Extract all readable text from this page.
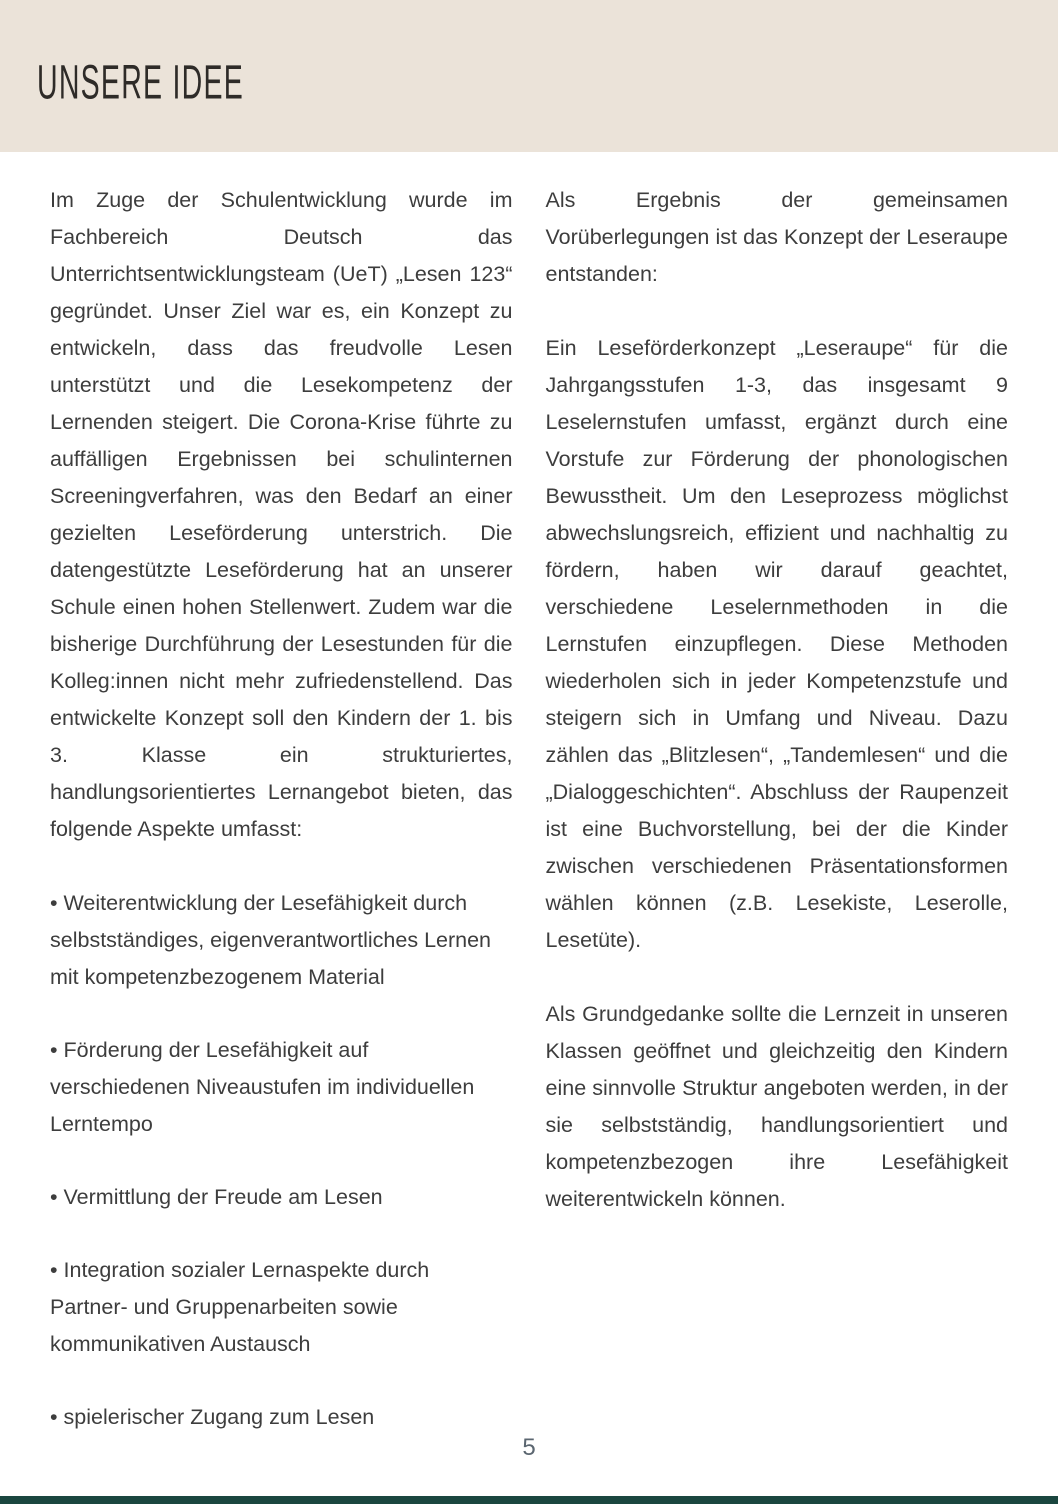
UNSERE IDEE

Im Zuge der Schulentwicklung wurde im Fachbereich Deutsch das Unterrichtsentwicklungsteam (UeT) „Lesen 123“ gegründet. Unser Ziel war es, ein Konzept zu entwickeln, dass das freudvolle Lesen unterstützt und die Lesekompetenz der Lernenden steigert. Die Corona-Krise führte zu auffälligen Ergebnissen bei schulinternen Screeningverfahren, was den Bedarf an einer gezielten Leseförderung unterstrich. Die datengestützte Leseförderung hat an unserer Schule einen hohen Stellenwert. Zudem war die bisherige Durchführung der Lesestunden für die Kolleg:innen nicht mehr zufriedenstellend. Das entwickelte Konzept soll den Kindern der 1. bis 3. Klasse ein strukturiertes, handlungsorientiertes Lernangebot bieten, das folgende Aspekte umfasst:

• Weiterentwicklung der Lesefähigkeit durch selbstständiges, eigenverantwortliches Lernen mit kompetenzbezogenem Material
• Förderung der Lesefähigkeit auf verschiedenen Niveaustufen im individuellen Lerntempo
• Vermittlung der Freude am Lesen
• Integration sozialer Lernaspekte durch Partner- und Gruppenarbeiten sowie kommunikativen Austausch
• spielerischer Zugang zum Lesen

Als Ergebnis der gemeinsamen Vorüberlegungen ist das Konzept der Leseraupe entstanden:

Ein Leseförderkonzept „Leseraupe“ für die Jahrgangsstufen 1-3, das insgesamt 9 Leselernstufen umfasst, ergänzt durch eine Vorstufe zur Förderung der phonologischen Bewusstheit. Um den Leseprozess möglichst abwechslungsreich, effizient und nachhaltig zu fördern, haben wir darauf geachtet, verschiedene Leselernmethoden in die Lernstufen einzupflegen. Diese Methoden wiederholen sich in jeder Kompetenzstufe und steigern sich in Umfang und Niveau. Dazu zählen das „Blitzlesen“, „Tandemlesen“ und die „Dialoggeschichten“. Abschluss der Raupenzeit ist eine Buchvorstellung, bei der die Kinder zwischen verschiedenen Präsentationsformen wählen können (z.B. Lesekiste, Leserolle, Lesetüte).

Als Grundgedanke sollte die Lernzeit in unseren Klassen geöffnet und gleichzeitig den Kindern eine sinnvolle Struktur angeboten werden, in der sie selbstständig, handlungsorientiert und kompetenzbezogen ihre Lesefähigkeit weiterentwickeln können.

5
